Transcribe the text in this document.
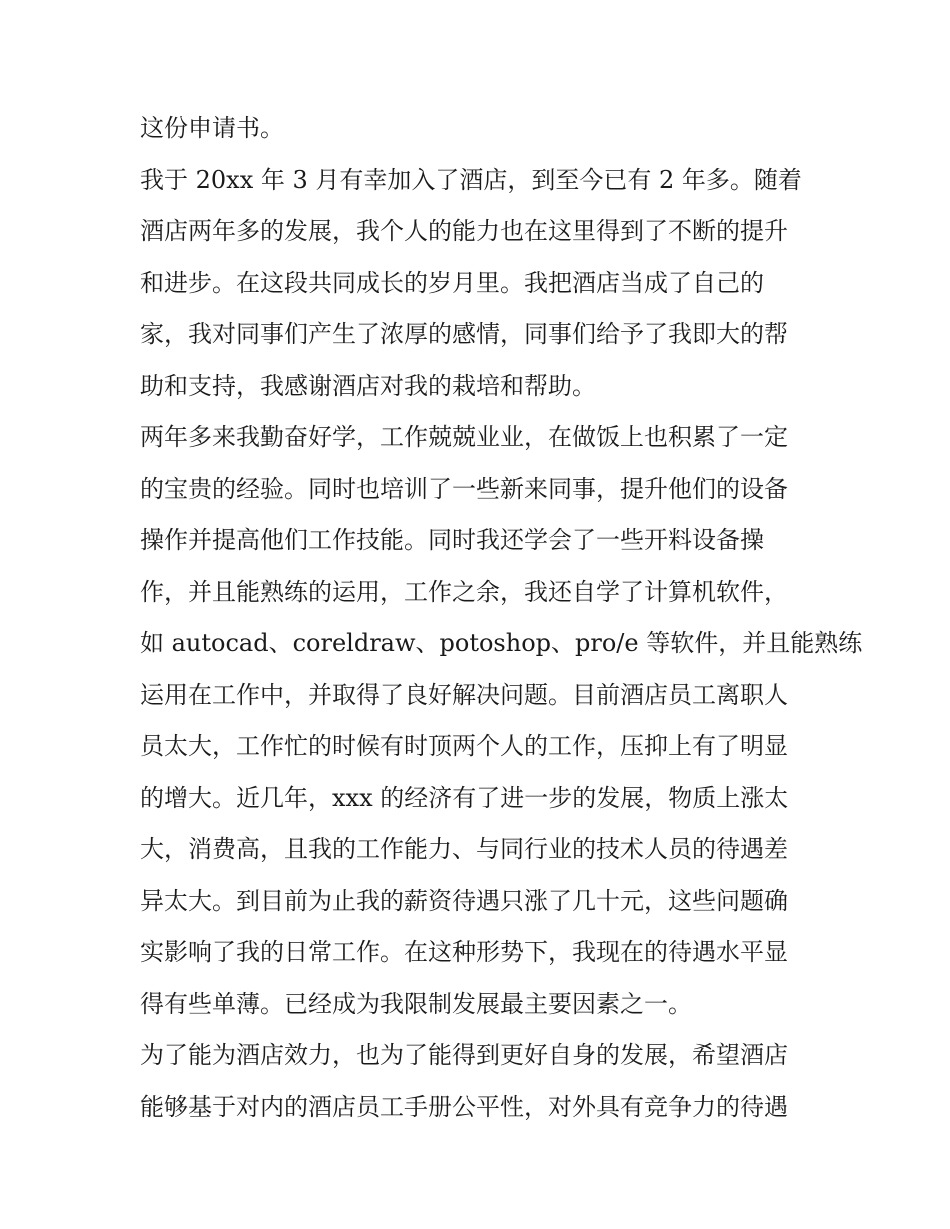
这份申请书。
我于 20xx 年 3 月有幸加入了酒店，到至今已有 2 年多。随着
酒店两年多的发展，我个人的能力也在这里得到了不断的提升
和进步。在这段共同成长的岁月里。我把酒店当成了自己的
家，我对同事们产生了浓厚的感情，同事们给予了我即大的帮
助和支持，我感谢酒店对我的栽培和帮助。
两年多来我勤奋好学，工作兢兢业业，在做饭上也积累了一定
的宝贵的经验。同时也培训了一些新来同事，提升他们的设备
操作并提高他们工作技能。同时我还学会了一些开料设备操
作，并且能熟练的运用，工作之余，我还自学了计算机软件，
如 autocad、coreldraw、potoshop、pro/e 等软件，并且能熟练
运用在工作中，并取得了良好解决问题。目前酒店员工离职人
员太大，工作忙的时候有时顶两个人的工作，压抑上有了明显
的增大。近几年，xxx 的经济有了进一步的发展，物质上涨太
大，消费高，且我的工作能力、与同行业的技术人员的待遇差
异太大。到目前为止我的薪资待遇只涨了几十元，这些问题确
实影响了我的日常工作。在这种形势下，我现在的待遇水平显
得有些单薄。已经成为我限制发展最主要因素之一。
为了能为酒店效力，也为了能得到更好自身的发展，希望酒店
能够基于对内的酒店员工手册公平性，对外具有竞争力的待遇
